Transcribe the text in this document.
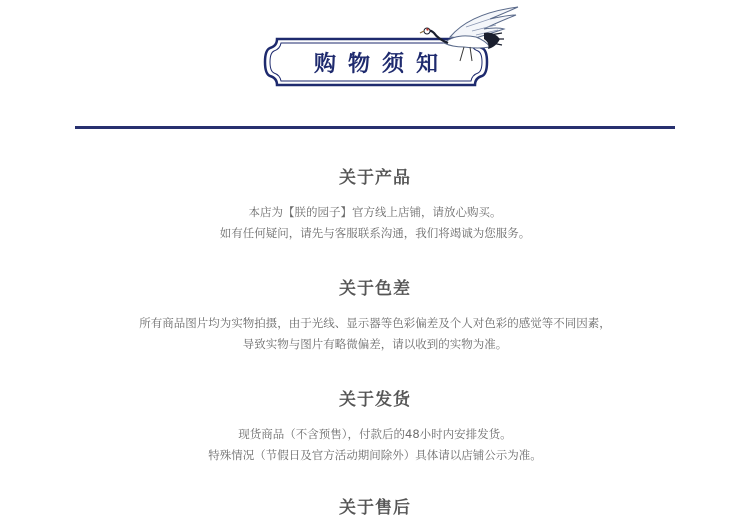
购物须知
关于产品

本店为【朕的园子】官方线上店铺，请放心购买。

如有任何疑问，请先与客服联系沟通，我们将竭诚为您服务。

关于色差

所有商品图片均为实物拍摄，由于光线、显示器等色彩偏差及个人对色彩的感觉等不同因素，

导致实物与图片有略微偏差，请以收到的实物为准。

关于发货

现货商品（不含预售），付款后的48小时内安排发货。

特殊情况（节假日及官方活动期间除外）具体请以店铺公示为准。

关于售后
